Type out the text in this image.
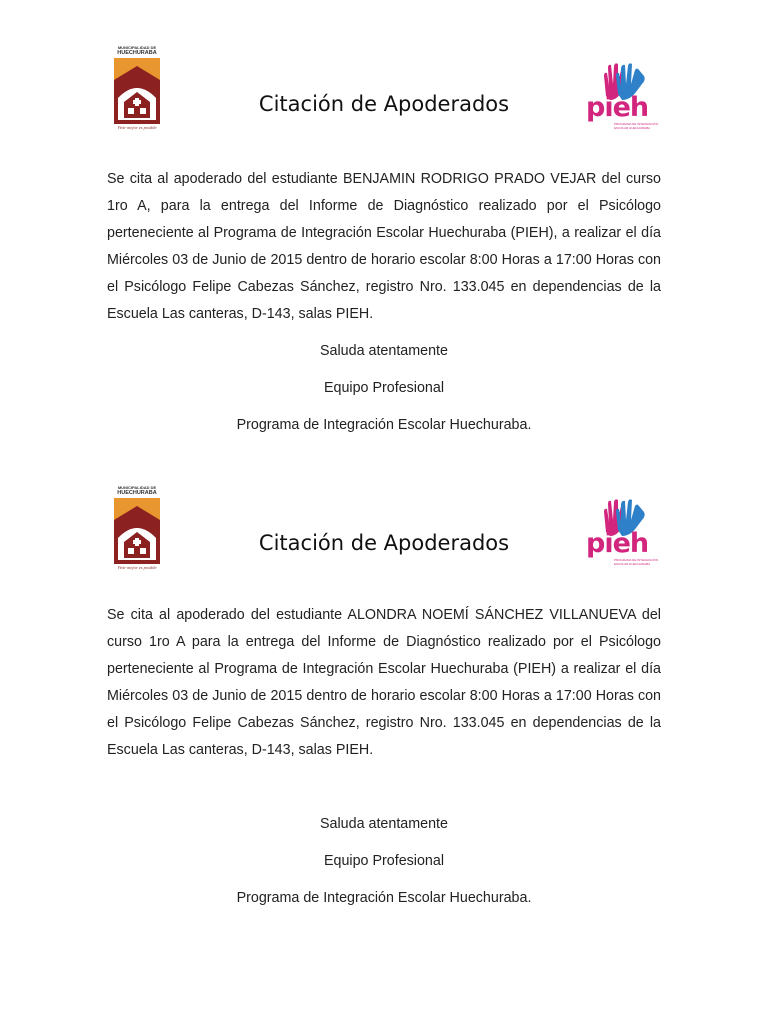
MUNICIPALIDAD DE
HUECHURABA
Vivir mejor es posible
Citación de Apoderados	pieh
PROGRAMA DE INTEGRACIÓN ESCOLAR HUECHURABA

Se cita al apoderado del estudiante BENJAMIN RODRIGO PRADO VEJAR del curso 1ro A, para la entrega del Informe de Diagnóstico realizado por el Psicólogo perteneciente al Programa de Integración Escolar Huechuraba (PIEH), a realizar el día Miércoles 03 de Junio de 2015 dentro de horario escolar 8:00 Horas a 17:00 Horas con el Psicólogo Felipe Cabezas Sánchez, registro Nro. 133.045 en dependencias de la Escuela Las canteras, D-143, salas PIEH.

Saluda atentamente
Equipo Profesional
Programa de Integración Escolar Huechuraba.
MUNICIPALIDAD DE
HUECHURABA
Vivir mejor es posible
Citación de Apoderados	pieh
PROGRAMA DE INTEGRACIÓN ESCOLAR HUECHURABA

Se cita al apoderado del estudiante ALONDRA NOEMÍ SÁNCHEZ VILLANUEVA del curso 1ro A para la entrega del Informe de Diagnóstico realizado por el Psicólogo perteneciente al Programa de Integración Escolar Huechuraba (PIEH) a realizar el día Miércoles 03 de Junio de 2015 dentro de horario escolar 8:00 Horas a 17:00 Horas con el Psicólogo Felipe Cabezas Sánchez, registro Nro. 133.045 en dependencias de la Escuela Las canteras, D-143, salas PIEH.

Saluda atentamente
Equipo Profesional
Programa de Integración Escolar Huechuraba.
